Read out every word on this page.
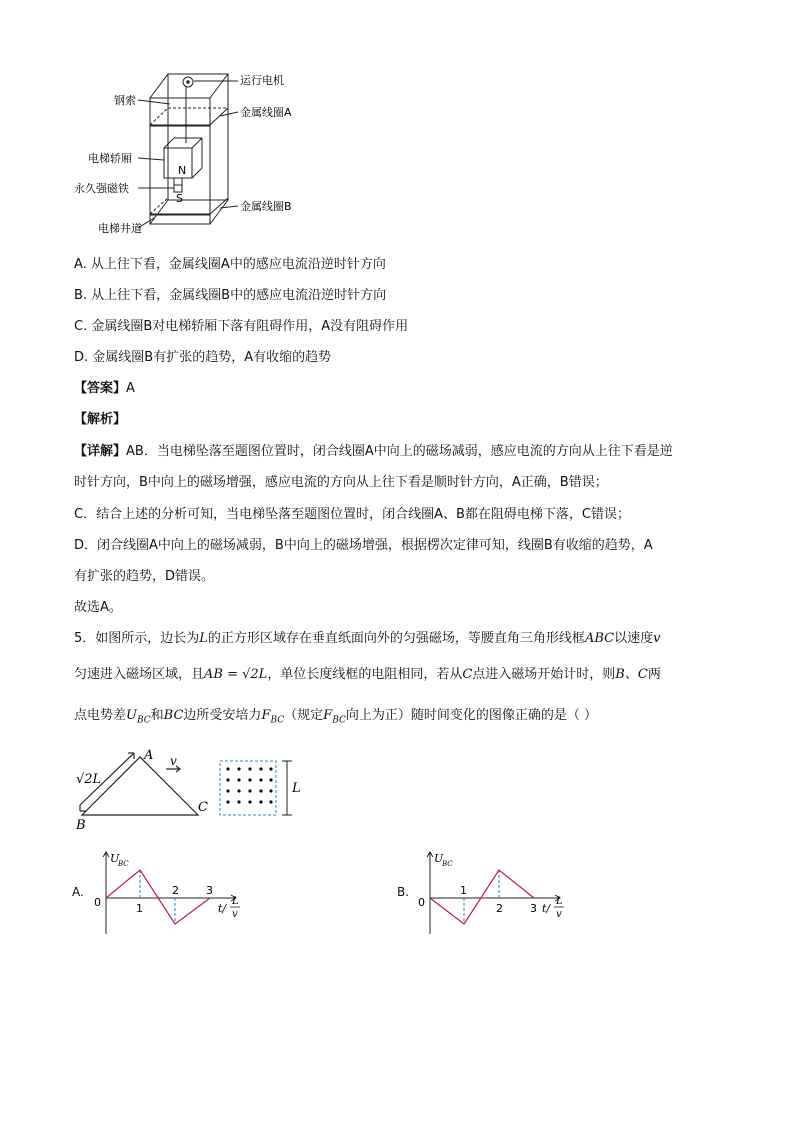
N
S
运行电机
钢索
金属线圈A
电梯轿厢
永久强磁铁
金属线圈B
电梯井道
A. 从上往下看，金属线圈A中的感应电流沿逆时针方向
B. 从上往下看，金属线圈B中的感应电流沿逆时针方向
C. 金属线圈B对电梯轿厢下落有阻碍作用，A没有阻碍作用
D. 金属线圈B有扩张的趋势，A有收缩的趋势
【答案】A
【解析】
【详解】AB．当电梯坠落至题图位置时，闭合线圈A中向上的磁场减弱，感应电流的方向从上往下看是逆
时针方向，B中向上的磁场增强，感应电流的方向从上往下看是顺时针方向，A正确，B错误；
C．结合上述的分析可知，当电梯坠落至题图位置时，闭合线圈A、B都在阻碍电梯下落，C错误；
D．闭合线圈A中向上的磁场减弱，B中向上的磁场增强，根据楞次定律可知，线圈B有收缩的趋势，A
有扩张的趋势，D错误。
故选A。
5．如图所示，边长为L的正方形区域存在垂直纸面向外的匀强磁场，等腰直角三角形线框ABC以速度v
匀速进入磁场区域，且AB = √2L，单位长度线框的电阻相同，若从C点进入磁场开始计时，则B、C两
点电势差$U_{BC}$和BC边所受安培力$F_{BC}$（规定$F_{BC}$向上为正）随时间变化的图像正确的是（ ）
A
B
C
√2L
v
L
A.
U
BC
0	1
2 3
t/
L
v
B.
U
BC
0
1
2 3 t/
L
v
